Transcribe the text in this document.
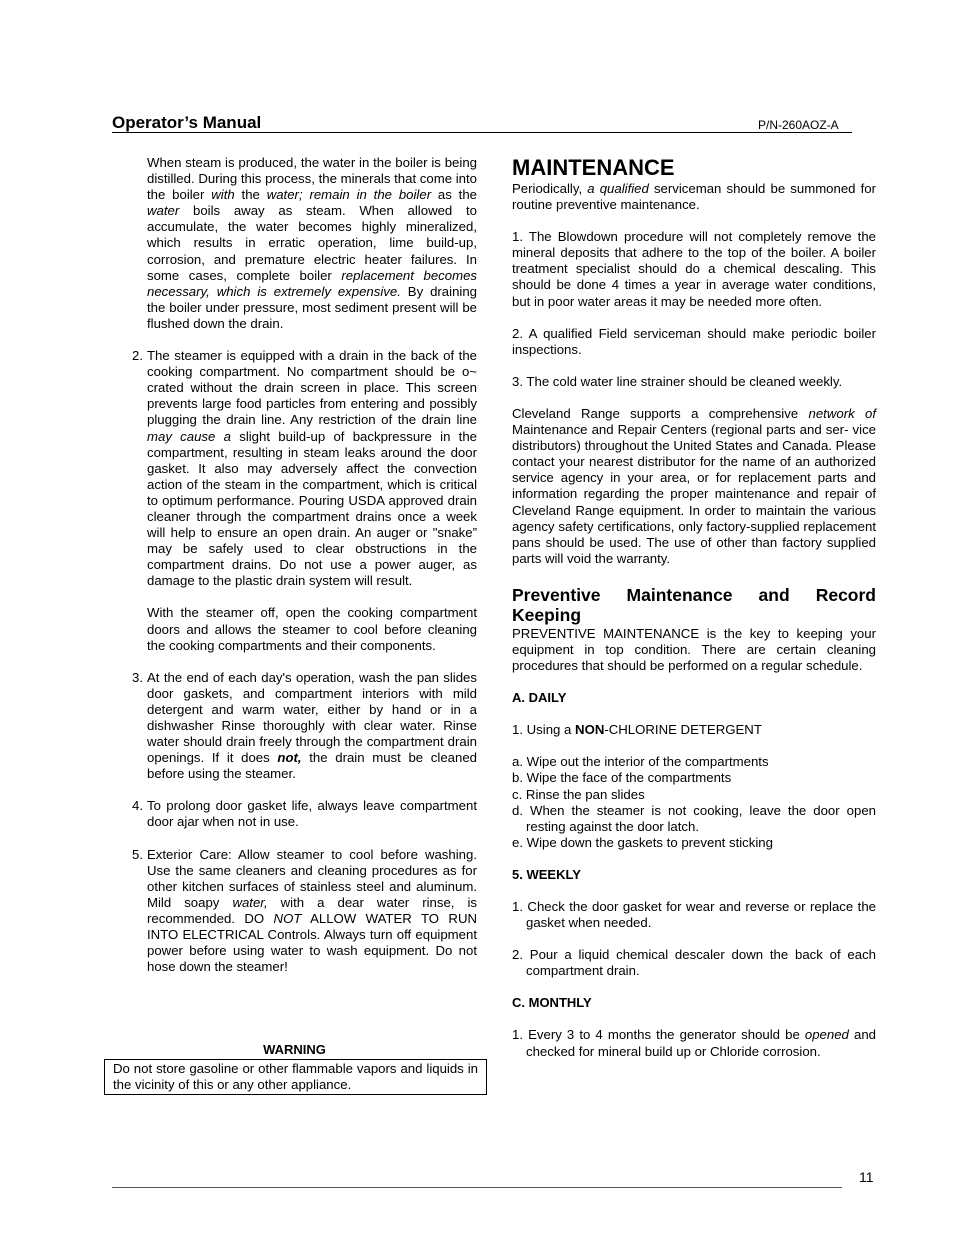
Operator’s Manual	P/N-260AOZ-A

When steam is produced, the water in the boiler is being distilled. During this process, the minerals that come into the boiler with the water; remain in the boiler as the water boils away as steam. When allowed to accumulate, the water becomes highly mineralized, which results in erratic operation, lime build-up, corrosion, and premature electric heater failures. In some cases, complete boiler replacement becomes necessary, which is extremely expensive. By draining the boiler under pressure, most sediment present will be flushed down the drain.

2. The steamer is equipped with a drain in the back of the cooking compartment. No compartment should be o~ crated without the drain screen in place. This screen prevents large food particles from entering and possibly plugging the drain line. Any restriction of the drain line may cause a slight build-up of backpressure in the compartment, resulting in steam leaks around the door gasket. It also may adversely affect the convection action of the steam in the compartment, which is critical to optimum performance. Pouring USDA approved drain cleaner through the compartment drains once a week will help to ensure an open drain. An auger or "snake” may be safely used to clear obstructions in the compartment drains. Do not use a power auger, as damage to the plastic drain system will result.

With the steamer off, open the cooking compartment doors and allows the steamer to cool before cleaning the cooking compartments and their components.

3. At the end of each day's operation, wash the pan slides door gaskets, and compartment interiors with mild detergent and warm water, either by hand or in a dishwasher Rinse thoroughly with clear water. Rinse water should drain freely through the compartment drain openings. If it does not, the drain must be cleaned before using the steamer.

4. To prolong door gasket life, always leave compartment door ajar when not in use.

5. Exterior Care: Allow steamer to cool before washing. Use the same cleaners and cleaning procedures as for other kitchen surfaces of stainless steel and aluminum. Mild soapy water, with a dear water rinse, is recommended. DO NOT ALLOW WATER TO RUN INTO ELECTRICAL Controls. Always turn off equipment power before using water to wash equipment. Do not hose down the steamer!

WARNING

Do not store gasoline or other flammable vapors and liquids in the vicinity of this or any other appliance.

MAINTENANCE

Periodically, a qualified serviceman should be summoned for routine preventive maintenance.

1. The Blowdown procedure will not completely remove the mineral deposits that adhere to the top of the boiler. A boiler treatment specialist should do a chemical descaling. This should be done 4 times a year in average water conditions, but in poor water areas it may be needed more often.

2. A qualified Field serviceman should make periodic boiler inspections.

3. The cold water line strainer should be cleaned weekly.

Cleveland Range supports a comprehensive network of Maintenance and Repair Centers (regional parts and ser- vice distributors) throughout the United States and Canada. Please contact your nearest distributor for the name of an authorized service agency in your area, or for replacement parts and information regarding the proper maintenance and repair of Cleveland Range equipment. In order to maintain the various agency safety certifications, only factory-supplied replacement pans should be used. The use of other than factory supplied parts will void the warranty.

Preventive Maintenance and Record Keeping

PREVENTIVE MAINTENANCE is the key to keeping your equipment in top condition. There are certain cleaning procedures that should be performed on a regular schedule.

A. DAILY

1. Using a NON-CHLORINE DETERGENT

a. Wipe out the interior of the compartments

b. Wipe the face of the compartments

c. Rinse the pan slides

d. When the steamer is not cooking, leave the door open resting against the door latch.

e. Wipe down the gaskets to prevent sticking

5. WEEKLY

1. Check the door gasket for wear and reverse or replace the gasket when needed.

2. Pour a liquid chemical descaler down the back of each compartment drain.

C. MONTHLY

1. Every 3 to 4 months the generator should be opened and checked for mineral build up or Chloride corrosion.

11
